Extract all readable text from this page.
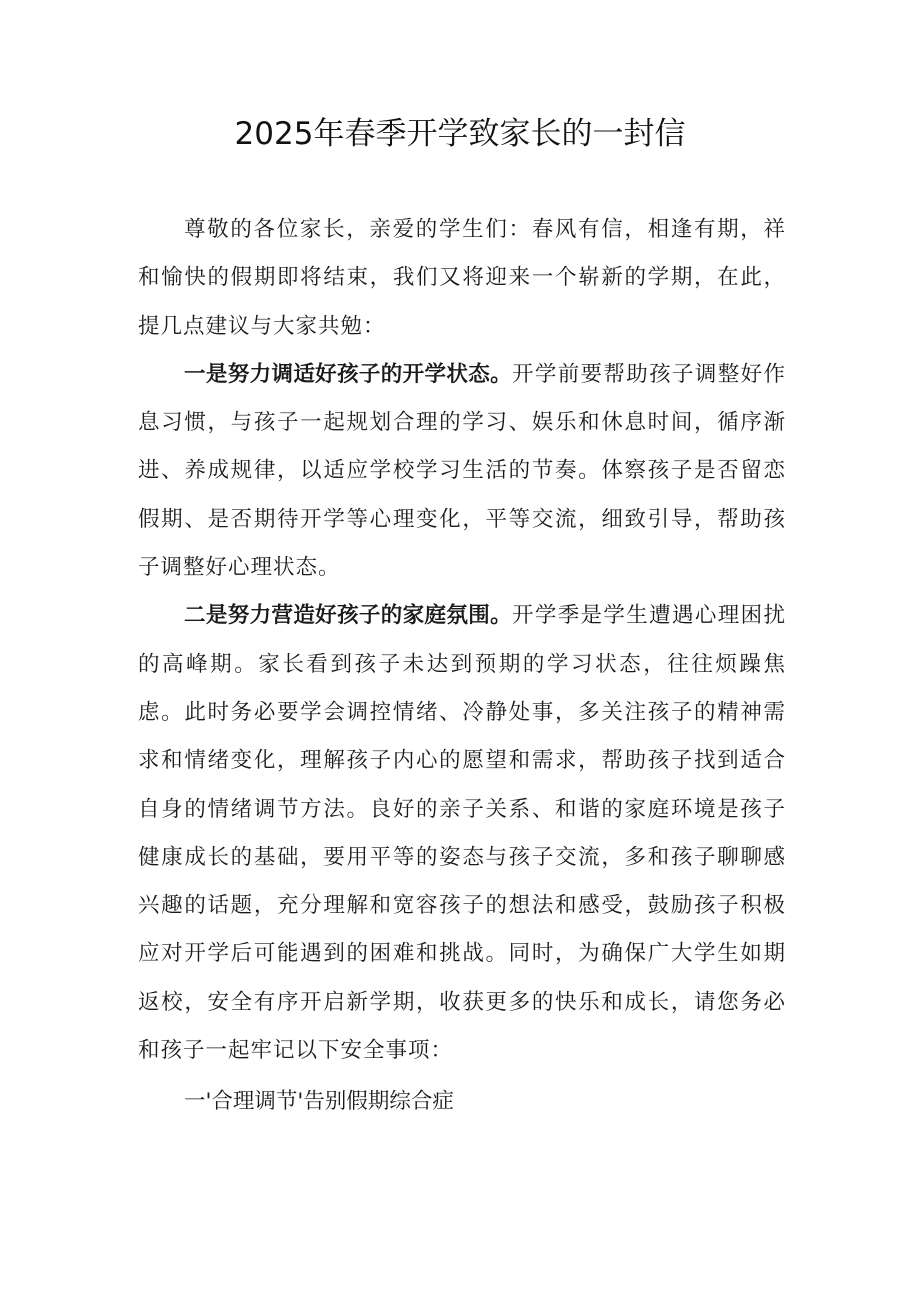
2025年春季开学致家长的一封信

尊敬的各位家长，亲爱的学生们：春风有信，相逢有期，祥和愉快的假期即将结束，我们又将迎来一个崭新的学期，在此，提几点建议与大家共勉：

一是努力调适好孩子的开学状态。开学前要帮助孩子调整好作息习惯，与孩子一起规划合理的学习、娱乐和休息时间，循序渐进、养成规律，以适应学校学习生活的节奏。体察孩子是否留恋假期、是否期待开学等心理变化，平等交流，细致引导，帮助孩子调整好心理状态。

二是努力营造好孩子的家庭氛围。开学季是学生遭遇心理困扰的高峰期。家长看到孩子未达到预期的学习状态，往往烦躁焦虑。此时务必要学会调控情绪、冷静处事，多关注孩子的精神需求和情绪变化，理解孩子内心的愿望和需求，帮助孩子找到适合自身的情绪调节方法。良好的亲子关系、和谐的家庭环境是孩子健康成长的基础，要用平等的姿态与孩子交流，多和孩子聊聊感兴趣的话题，充分理解和宽容孩子的想法和感受，鼓励孩子积极应对开学后可能遇到的困难和挑战。同时，为确保广大学生如期返校，安全有序开启新学期，收获更多的快乐和成长，请您务必和孩子一起牢记以下安全事项：

一'合理调节'告别假期综合症
